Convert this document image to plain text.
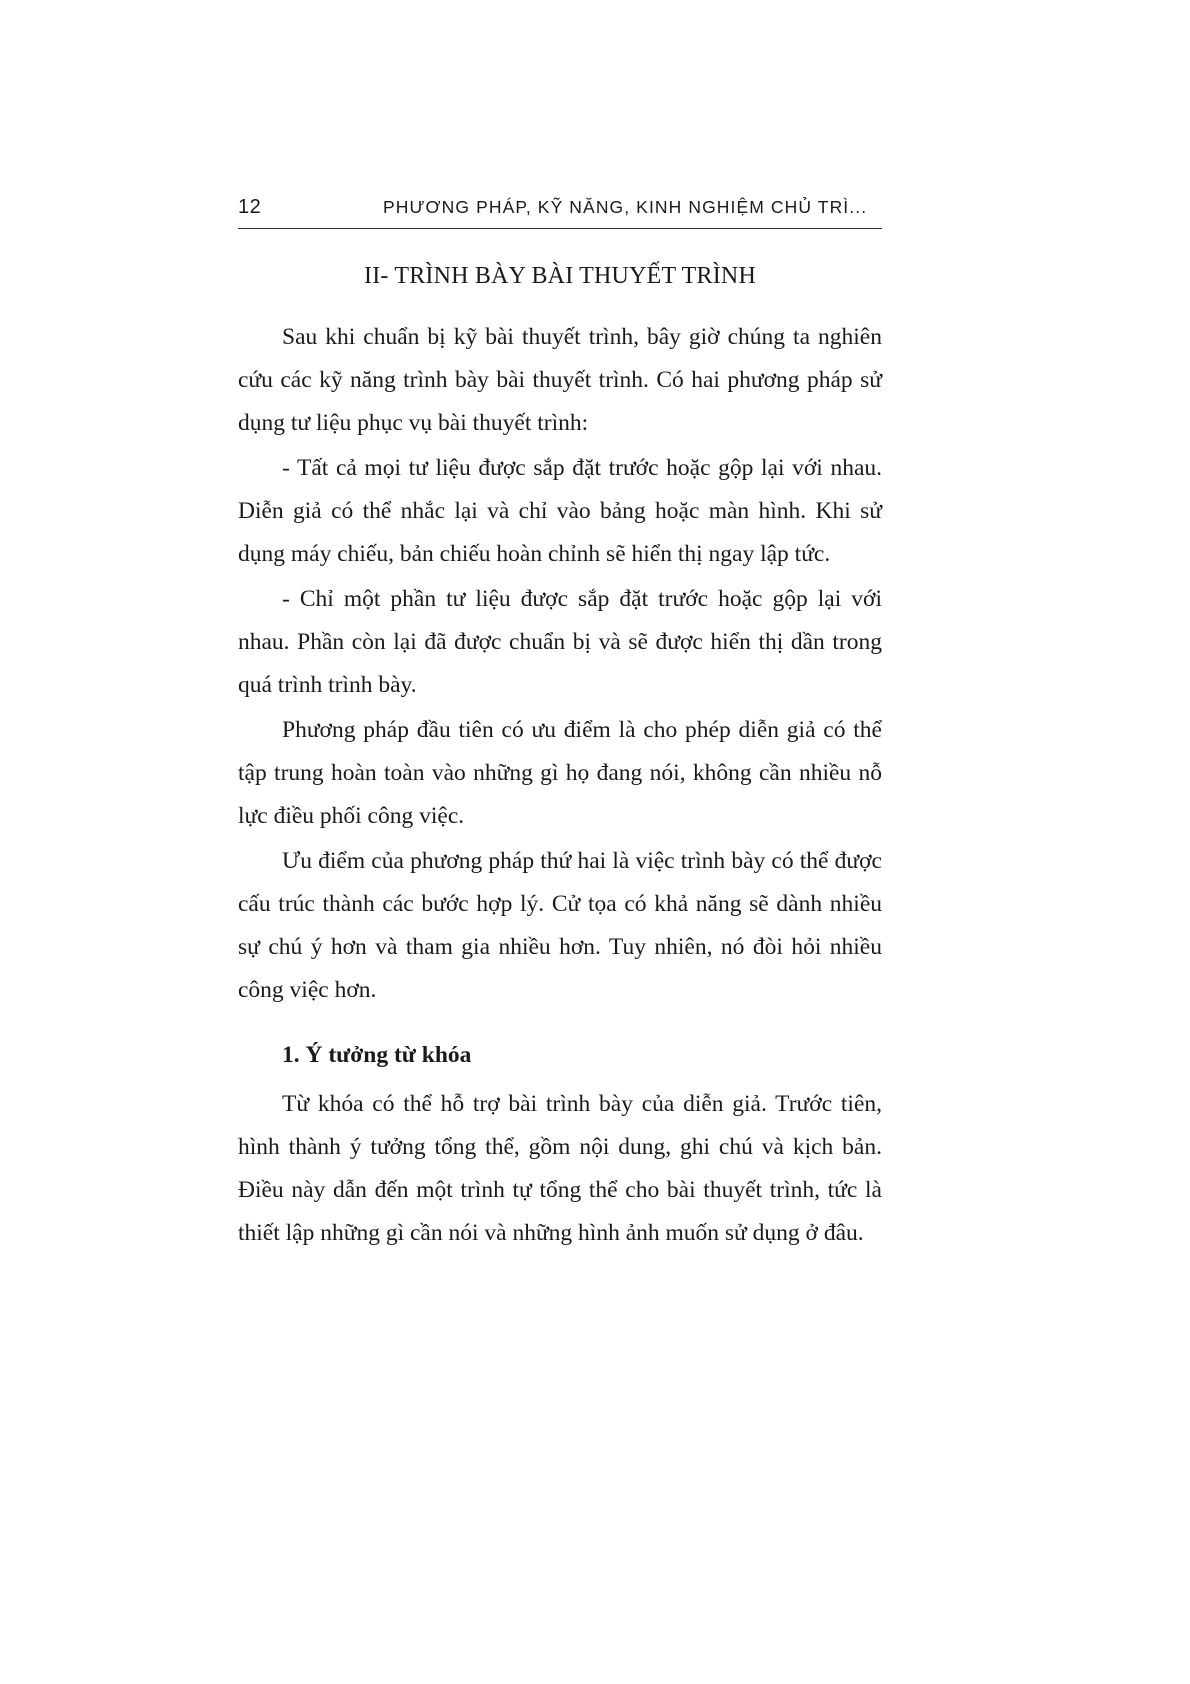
12	PHƯƠNG PHÁP, KỸ NĂNG, KINH NGHIỆM CHỦ TRÌ...
II- TRÌNH BÀY BÀI THUYẾT TRÌNH

Sau khi chuẩn bị kỹ bài thuyết trình, bây giờ chúng ta nghiên cứu các kỹ năng trình bày bài thuyết trình. Có hai phương pháp sử dụng tư liệu phục vụ bài thuyết trình:

- Tất cả mọi tư liệu được sắp đặt trước hoặc gộp lại với nhau. Diễn giả có thể nhắc lại và chỉ vào bảng hoặc màn hình. Khi sử dụng máy chiếu, bản chiếu hoàn chỉnh sẽ hiển thị ngay lập tức.

- Chỉ một phần tư liệu được sắp đặt trước hoặc gộp lại với nhau. Phần còn lại đã được chuẩn bị và sẽ được hiển thị dần trong quá trình trình bày.

Phương pháp đầu tiên có ưu điểm là cho phép diễn giả có thể tập trung hoàn toàn vào những gì họ đang nói, không cần nhiều nỗ lực điều phối công việc.

Ưu điểm của phương pháp thứ hai là việc trình bày có thể được cấu trúc thành các bước hợp lý. Cử tọa có khả năng sẽ dành nhiều sự chú ý hơn và tham gia nhiều hơn. Tuy nhiên, nó đòi hỏi nhiều công việc hơn.

1. Ý tưởng từ khóa

Từ khóa có thể hỗ trợ bài trình bày của diễn giả. Trước tiên, hình thành ý tưởng tổng thể, gồm nội dung, ghi chú và kịch bản. Điều này dẫn đến một trình tự tổng thể cho bài thuyết trình, tức là thiết lập những gì cần nói và những hình ảnh muốn sử dụng ở đâu.
